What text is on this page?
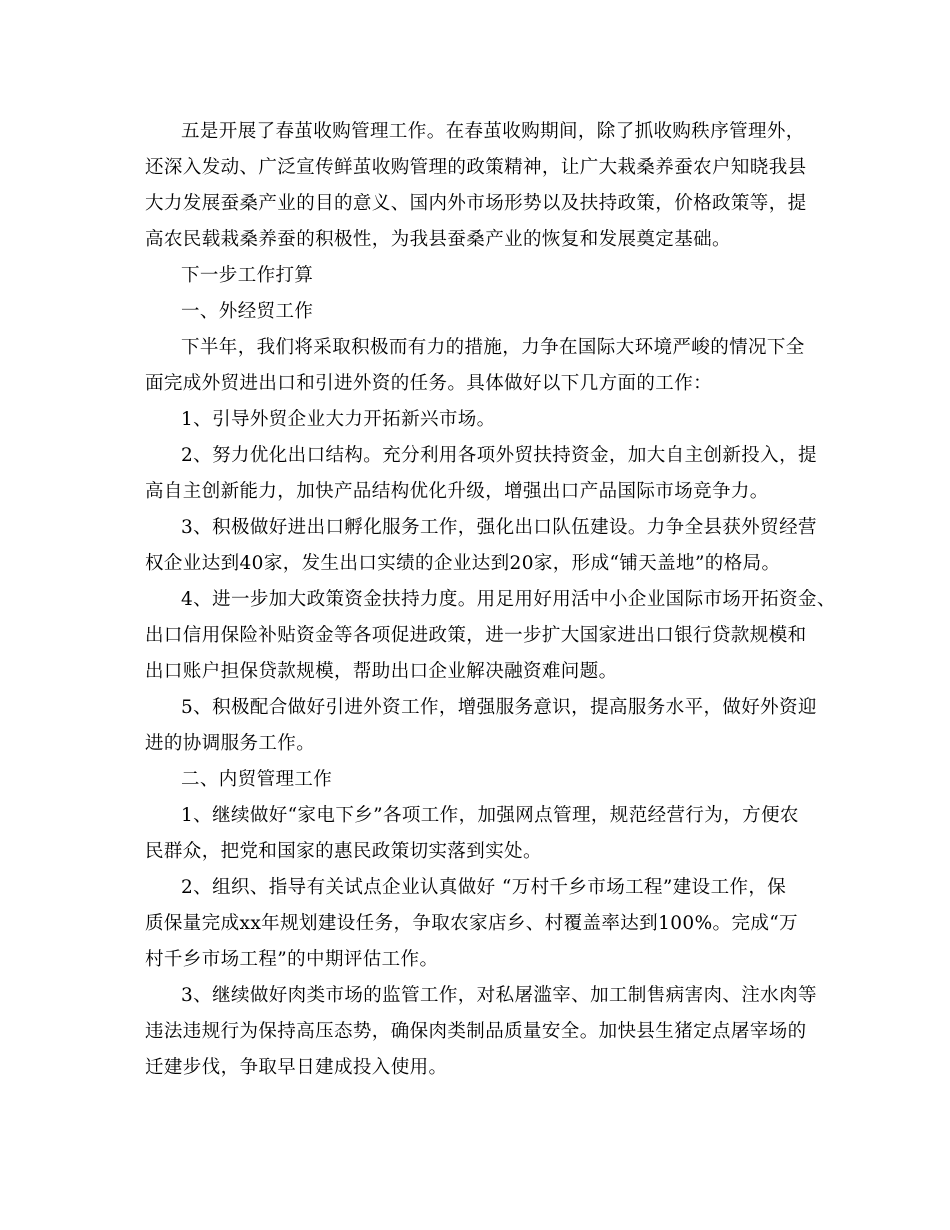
五是开展了春茧收购管理工作。在春茧收购期间，除了抓收购秩序管理外，
还深入发动、广泛宣传鲜茧收购管理的政策精神，让广大栽桑养蚕农户知晓我县
大力发展蚕桑产业的目的意义、国内外市场形势以及扶持政策，价格政策等，提
高农民载栽桑养蚕的积极性，为我县蚕桑产业的恢复和发展奠定基础。
下一步工作打算
一、外经贸工作
下半年，我们将采取积极而有力的措施，力争在国际大环境严峻的情况下全
面完成外贸进出口和引进外资的任务。具体做好以下几方面的工作：
1、引导外贸企业大力开拓新兴市场。
2、努力优化出口结构。充分利用各项外贸扶持资金，加大自主创新投入，提
高自主创新能力，加快产品结构优化升级，增强出口产品国际市场竞争力。
3、积极做好进出口孵化服务工作，强化出口队伍建设。力争全县获外贸经营
权企业达到40家，发生出口实绩的企业达到20家，形成“铺天盖地”的格局。
4、进一步加大政策资金扶持力度。用足用好用活中小企业国际市场开拓资金、
出口信用保险补贴资金等各项促进政策，进一步扩大国家进出口银行贷款规模和
出口账户担保贷款规模，帮助出口企业解决融资难问题。
5、积极配合做好引进外资工作，增强服务意识，提高服务水平，做好外资迎
进的协调服务工作。
二、内贸管理工作
1、继续做好“家电下乡”各项工作，加强网点管理，规范经营行为，方便农
民群众，把党和国家的惠民政策切实落到实处。
2、组织、指导有关试点企业认真做好 “万村千乡市场工程”建设工作，保
质保量完成xx年规划建设任务，争取农家店乡、村覆盖率达到100%。完成“万
村千乡市场工程”的中期评估工作。
3、继续做好肉类市场的监管工作，对私屠滥宰、加工制售病害肉、注水肉等
违法违规行为保持高压态势，确保肉类制品质量安全。加快县生猪定点屠宰场的
迁建步伐，争取早日建成投入使用。
